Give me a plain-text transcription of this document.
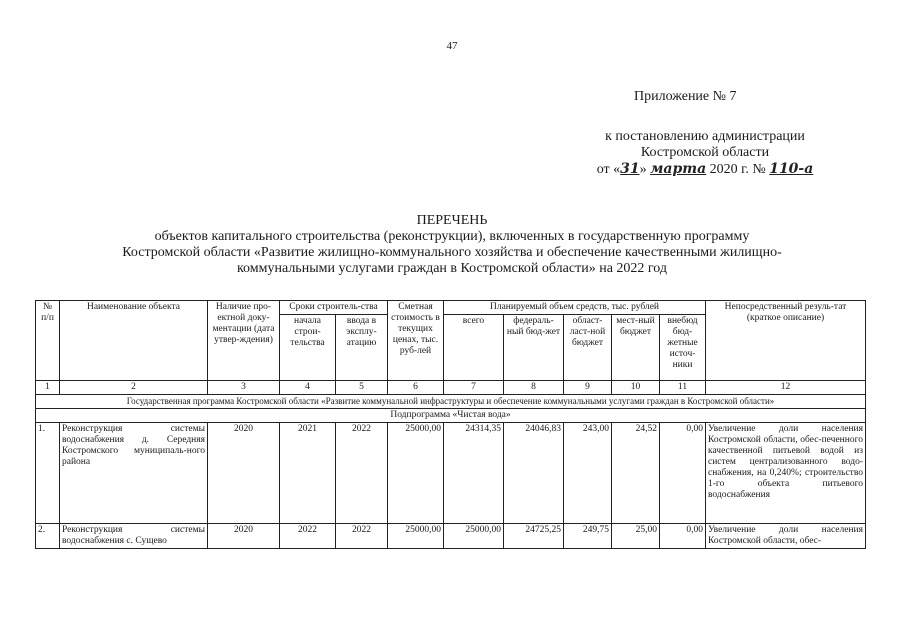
47
Приложение № 7
к постановлению администрации
Костромской области
от «31» марта 2020 г. № 110-а
ПЕРЕЧЕНЬ
объектов капитального строительства (реконструкции), включенных в государственную программу
Костромской области «Развитие жилищно-коммунального хозяйства и обеспечение качественными жилищно-
коммунальными услугами граждан в Костромской области» на 2022 год
№ п/п	Наименование объекта	Наличие про-ектной доку-ментации (дата утвер-ждения)	Сроки строитель-ства		Сметная стоимость в текущих ценах, тыс. руб-лей	Планируемый объем средств, тыс. рублей					Непосредственный резуль-тат (краткое описание)
			начала строи-тельства	ввода в эксплу-атацию		всего	федераль-ный бюд-жет	област-ласт-ной бюджет	мест-ный бюджет	внебюд бюд-жетные источ-ники	
1	2	3	4	5	6	7	8	9	10	11	12
Государственная программа Костромской области «Развитие коммунальной инфраструктуры и обеспечение коммунальными услугами граждан в Костромской области»											
Подпрограмма «Чистая вода»											
1.	Реконструкция системы водоснабжения д. Середняя Костромского муниципаль-ного района	2020	2021	2022	25000,00	24314,35	24046,83	243,00	24,52	0,00	Увеличение доли населения Костромской области, обес-печенного качественной питьевой водой из систем централизованного водо-снабжения, на 0,240%; строительство 1-го объекта питьевого водоснабжения
2.	Реконструкция системы водоснабжения с. Сущево	2020	2022	2022	25000,00	25000,00	24725,25	249,75	25,00	0,00	Увеличение доли населения Костромской области, обес-
